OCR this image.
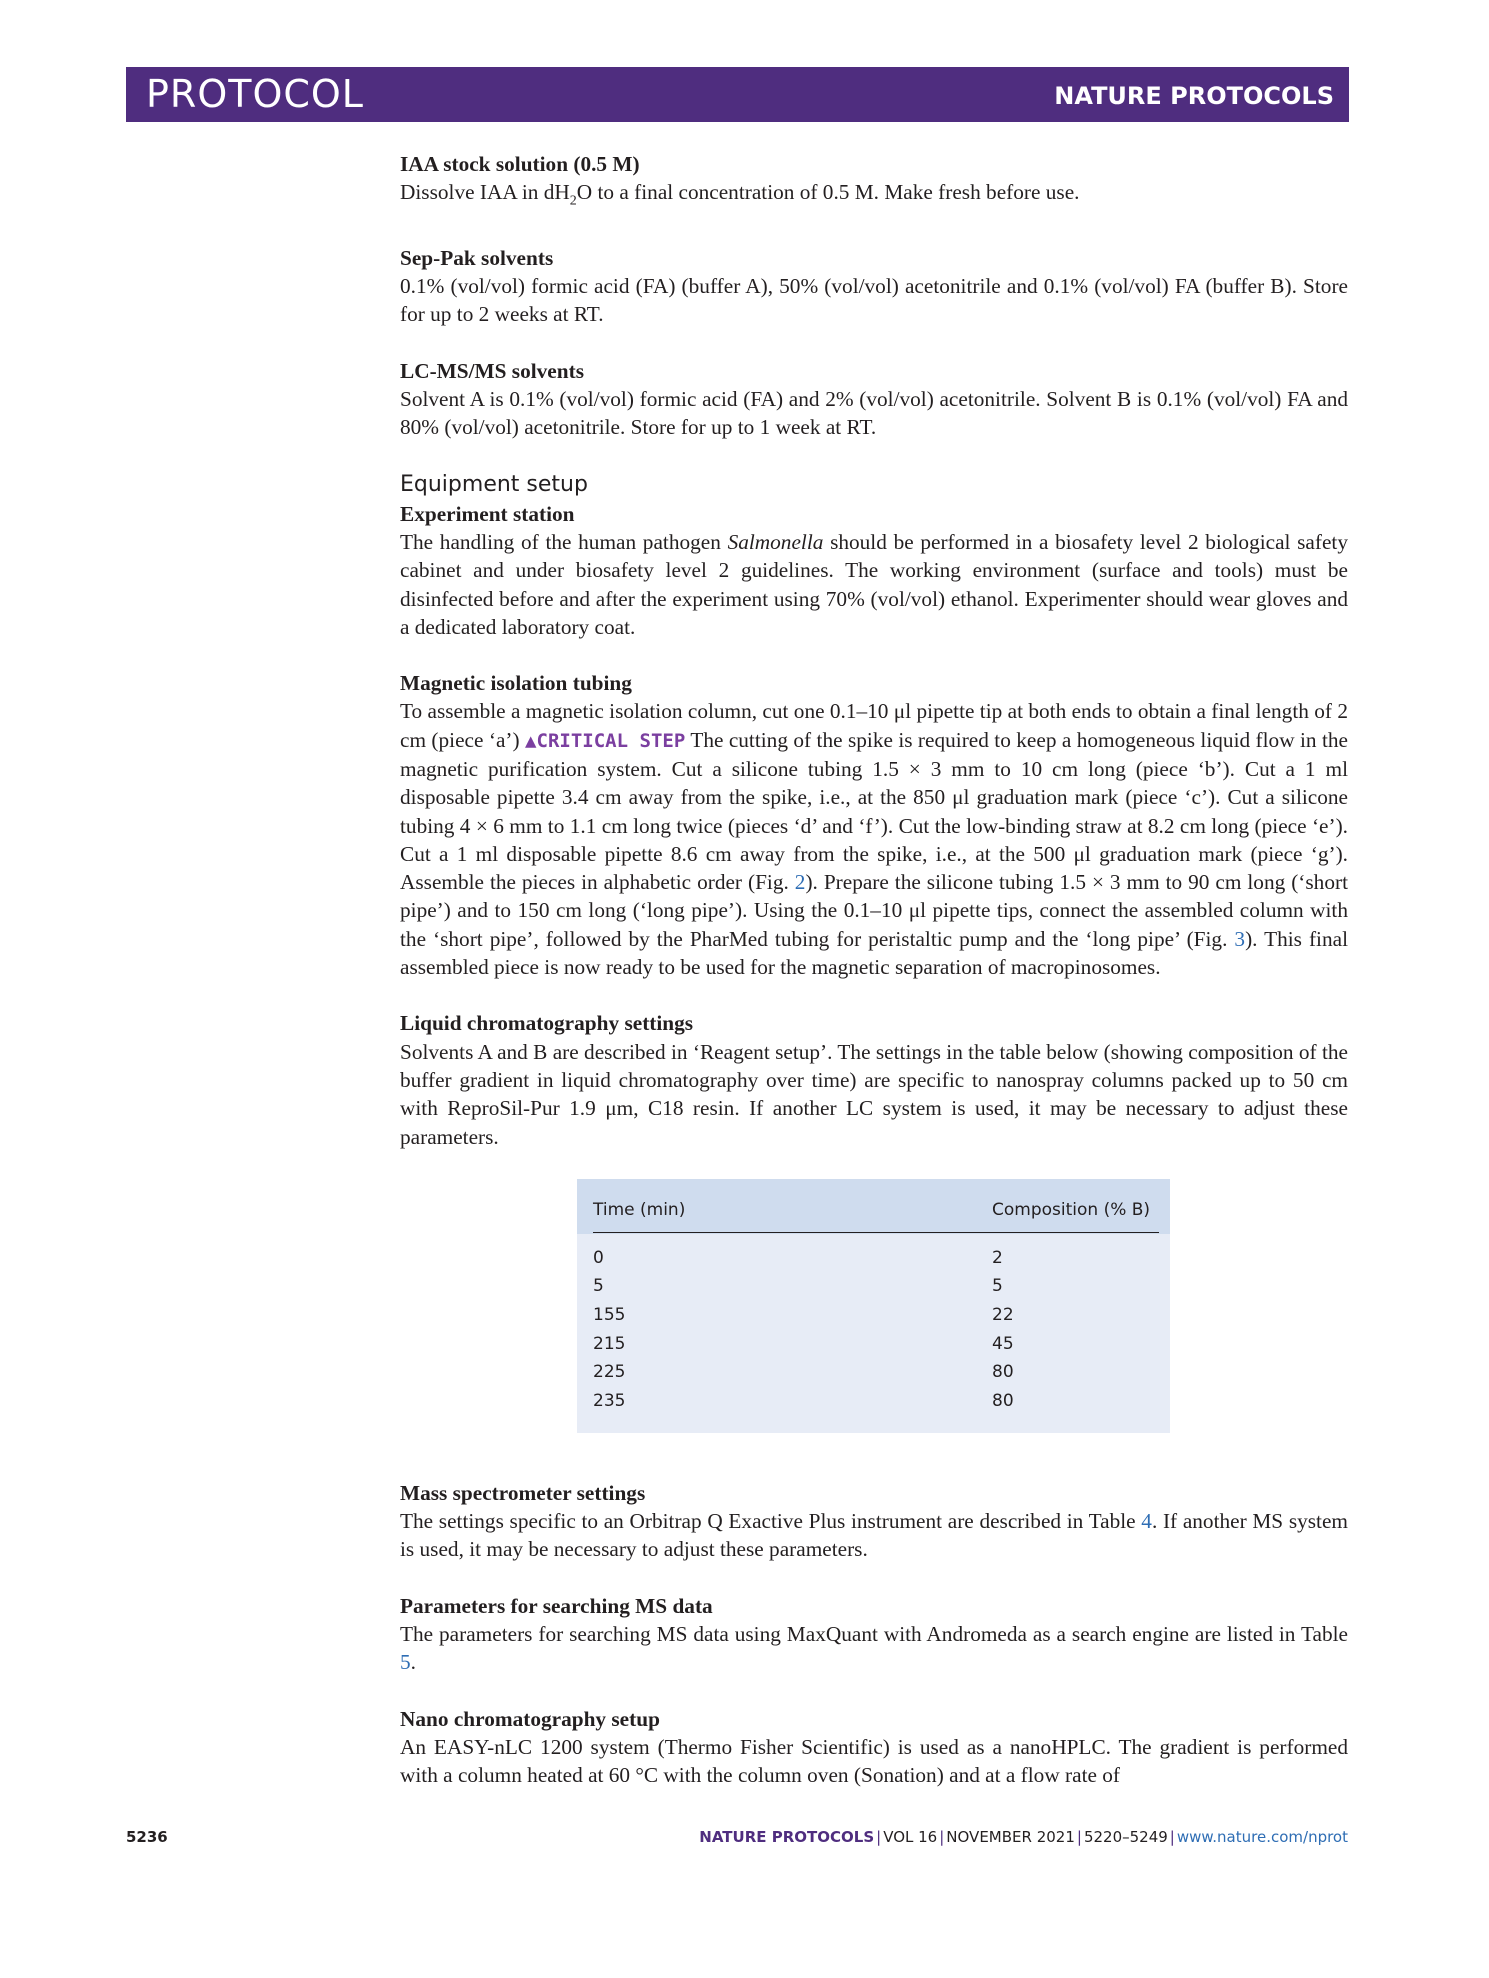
PROTOCOL	NATURE PROTOCOLS

IAA stock solution (0.5 M)

Dissolve IAA in $dH_2O$ to a final concentration of 0.5 M. Make fresh before use.

Sep-Pak solvents

0.1% (vol/vol) formic acid (FA) (buffer A), 50% (vol/vol) acetonitrile and 0.1% (vol/vol) FA (buffer B). Store for up to 2 weeks at RT.

LC-MS/MS solvents

Solvent A is 0.1% (vol/vol) formic acid (FA) and 2% (vol/vol) acetonitrile. Solvent B is 0.1% (vol/vol) FA and 80% (vol/vol) acetonitrile. Store for up to 1 week at RT.

Equipment setup

Experiment station

The handling of the human pathogen Salmonella should be performed in a biosafety level 2 biological safety cabinet and under biosafety level 2 guidelines. The working environment (surface and tools) must be disinfected before and after the experiment using 70% (vol/vol) ethanol. Experimenter should wear gloves and a dedicated laboratory coat.

Magnetic isolation tubing

To assemble a magnetic isolation column, cut one 0.1–10 μl pipette tip at both ends to obtain a final length of 2 cm (piece ‘a’) ▲CRITICAL STEP The cutting of the spike is required to keep a homogeneous liquid flow in the magnetic purification system. Cut a silicone tubing 1.5 × 3 mm to 10 cm long (piece ‘b’). Cut a 1 ml disposable pipette 3.4 cm away from the spike, i.e., at the 850 μl graduation mark (piece ‘c’). Cut a silicone tubing 4 × 6 mm to 1.1 cm long twice (pieces ‘d’ and ‘f’). Cut the low-binding straw at 8.2 cm long (piece ‘e’). Cut a 1 ml disposable pipette 8.6 cm away from the spike, i.e., at the 500 μl graduation mark (piece ‘g’). Assemble the pieces in alphabetic order (Fig. 2). Prepare the silicone tubing 1.5 × 3 mm to 90 cm long (‘short pipe’) and to 150 cm long (‘long pipe’). Using the 0.1–10 μl pipette tips, connect the assembled column with the ‘short pipe’, followed by the PharMed tubing for peristaltic pump and the ‘long pipe’ (Fig. 3). This final assembled piece is now ready to be used for the magnetic separation of macropinosomes.

Liquid chromatography settings

Solvents A and B are described in ‘Reagent setup’. The settings in the table below (showing composition of the buffer gradient in liquid chromatography over time) are specific to nanospray columns packed up to 50 cm with ReproSil-Pur 1.9 μm, C18 resin. If another LC system is used, it may be necessary to adjust these parameters.

Time (min)	Composition (% B)
0	2
5	5
155	22
215	45
225	80
235	80

Mass spectrometer settings

The settings specific to an Orbitrap Q Exactive Plus instrument are described in Table 4. If another MS system is used, it may be necessary to adjust these parameters.

Parameters for searching MS data

The parameters for searching MS data using MaxQuant with Andromeda as a search engine are listed in Table 5.

Nano chromatography setup

An EASY-nLC 1200 system (Thermo Fisher Scientific) is used as a nanoHPLC. The gradient is performed with a column heated at 60 °C with the column oven (Sonation) and at a flow rate of

5236	NATURE PROTOCOLS | VOL 16 | NOVEMBER 2021 | 5220–5249 | www.nature.com/nprot
